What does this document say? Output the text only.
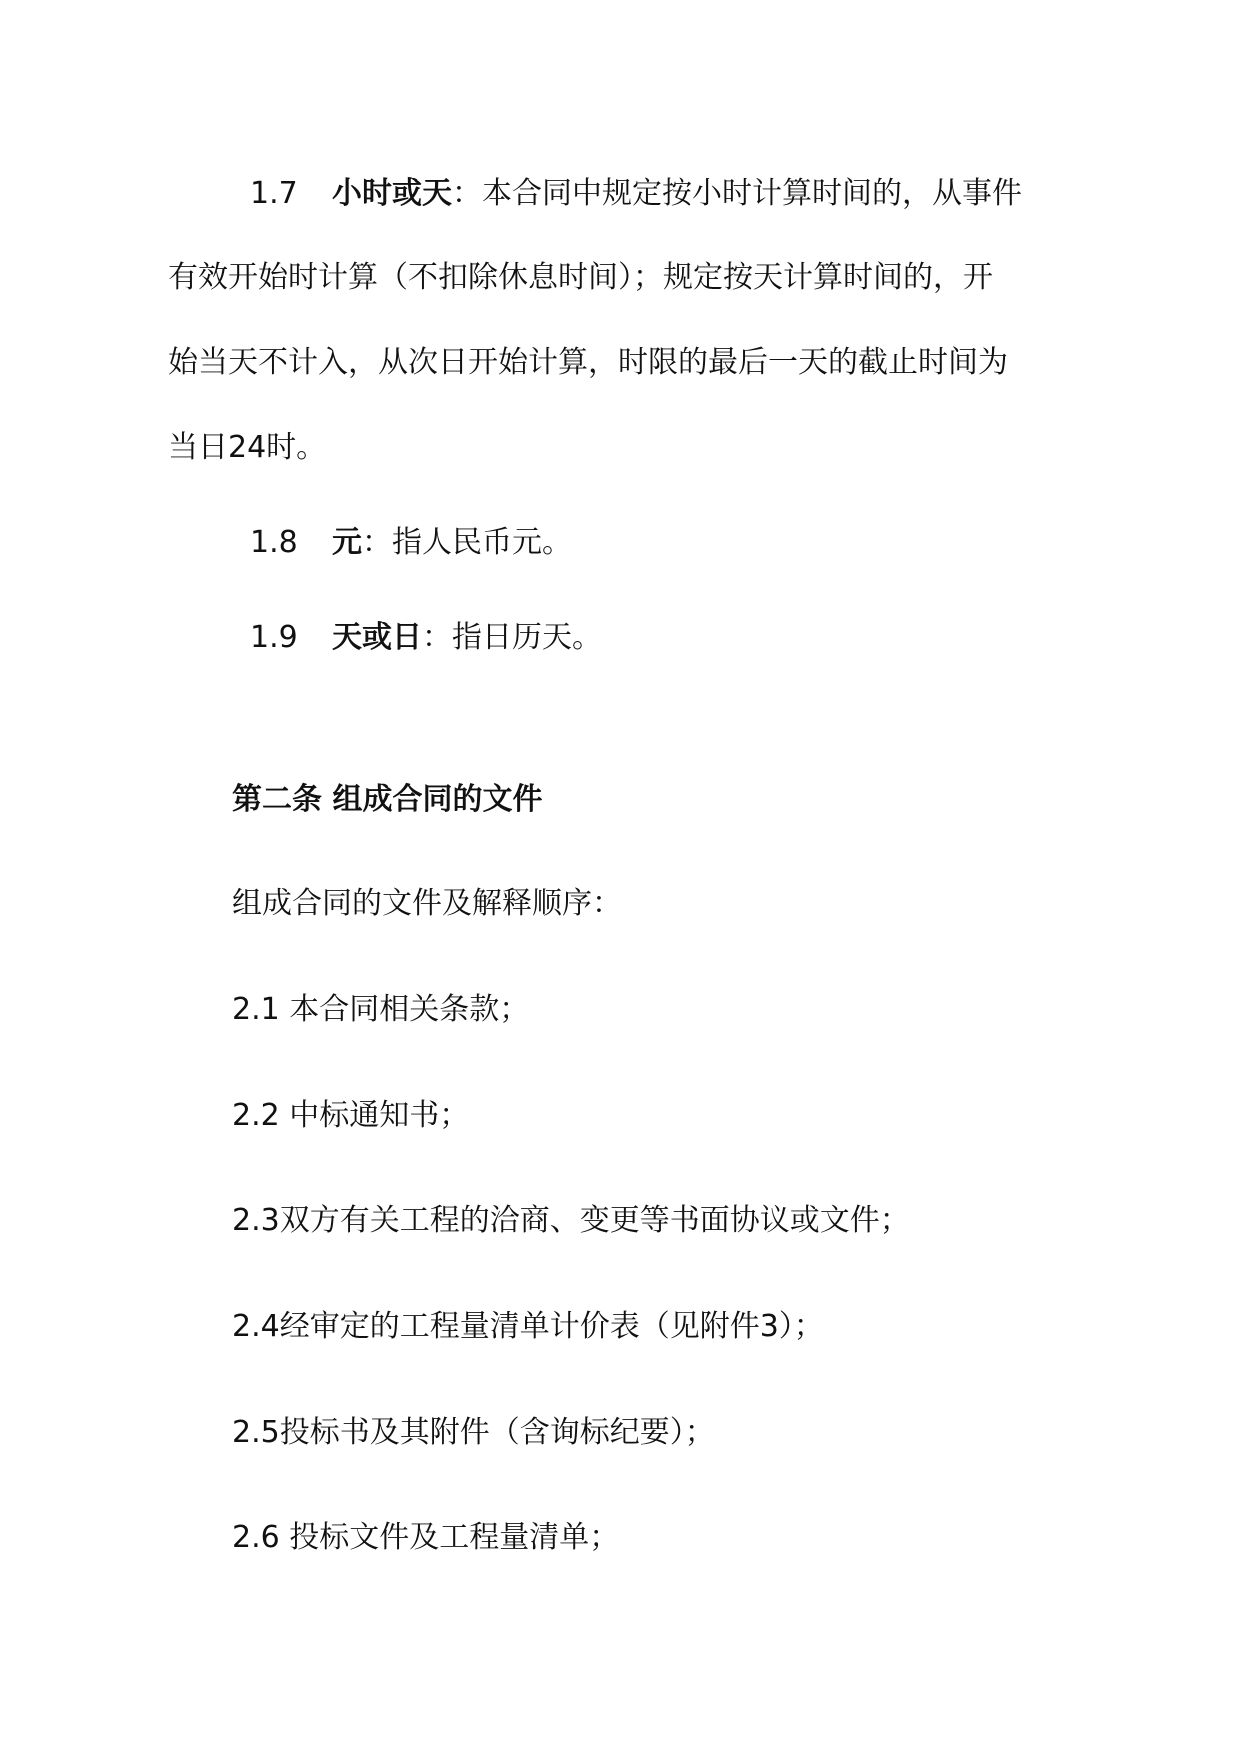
1.7 小时或天：本合同中规定按小时计算时间的，从事件
有效开始时计算（不扣除休息时间）；规定按天计算时间的，开
始当天不计入，从次日开始计算，时限的最后一天的截止时间为
当日24时。
1.8 元：指人民币元。
1.9 天或日：指日历天。
第二条 组成合同的文件
组成合同的文件及解释顺序：
2.1 本合同相关条款；
2.2 中标通知书；
2.3双方有关工程的洽商、变更等书面协议或文件；
2.4经审定的工程量清单计价表（见附件3）；
2.5投标书及其附件（含询标纪要）；
2.6 投标文件及工程量清单；
